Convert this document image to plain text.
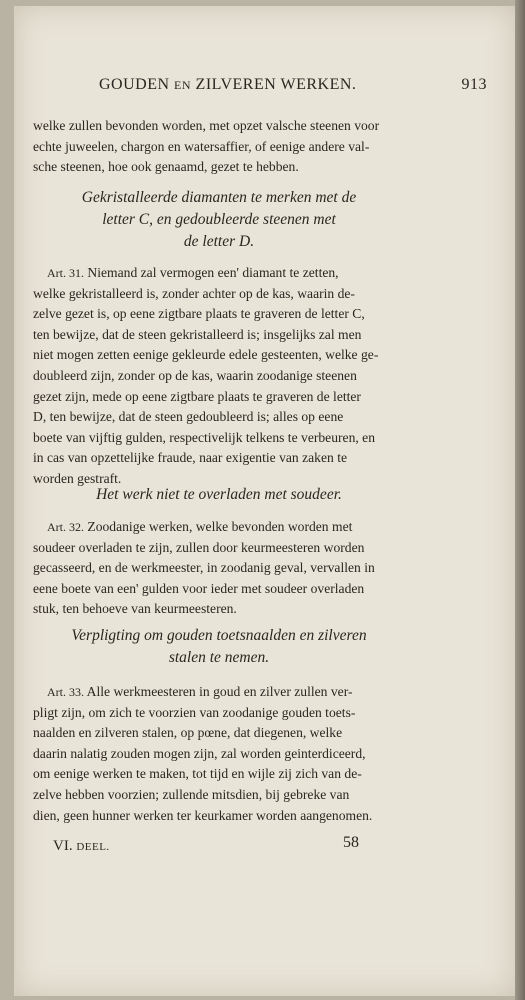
GOUDEN EN ZILVEREN WERKEN.	913

welke zullen bevonden worden, met opzet valsche steenen voor

echte juweelen, chargon en watersaffier, of eenige andere val-

sche steenen, hoe ook genaamd, gezet te hebben.

Gekristalleerde diamanten te merken met de
letter C, en gedoubleerde steenen met
de letter D.

Art. 31. Niemand zal vermogen een' diamant te zetten,

welke gekristalleerd is, zonder achter op de kas, waarin de-

zelve gezet is, op eene zigtbare plaats te graveren de letter C,

ten bewijze, dat de steen gekristalleerd is; insgelijks zal men

niet mogen zetten eenige gekleurde edele gesteenten, welke ge-

doubleerd zijn, zonder op de kas, waarin zoodanige steenen

gezet zijn, mede op eene zigtbare plaats te graveren de letter

D, ten bewijze, dat de steen gedoubleerd is; alles op eene

boete van vijftig gulden, respectivelijk telkens te verbeuren, en

in cas van opzettelijke fraude, naar exigentie van zaken te

worden gestraft.

Het werk niet te overladen met soudeer.

Art. 32. Zoodanige werken, welke bevonden worden met

soudeer overladen te zijn, zullen door keurmeesteren worden

gecasseerd, en de werkmeester, in zoodanig geval, vervallen in

eene boete van een' gulden voor ieder met soudeer overladen

stuk, ten behoeve van keurmeesteren.

Verpligting om gouden toetsnaalden en zilveren
stalen te nemen.

Art. 33. Alle werkmeesteren in goud en zilver zullen ver-

pligt zijn, om zich te voorzien van zoodanige gouden toets-

naalden en zilveren stalen, op pœne, dat diegenen, welke

daarin nalatig zouden mogen zijn, zal worden geinterdiceerd,

om eenige werken te maken, tot tijd en wijle zij zich van de-

zelve hebben voorzien; zullende mitsdien, bij gebreke van

dien, geen hunner werken ter keurkamer worden aangenomen.

VI. DEEL.	58
